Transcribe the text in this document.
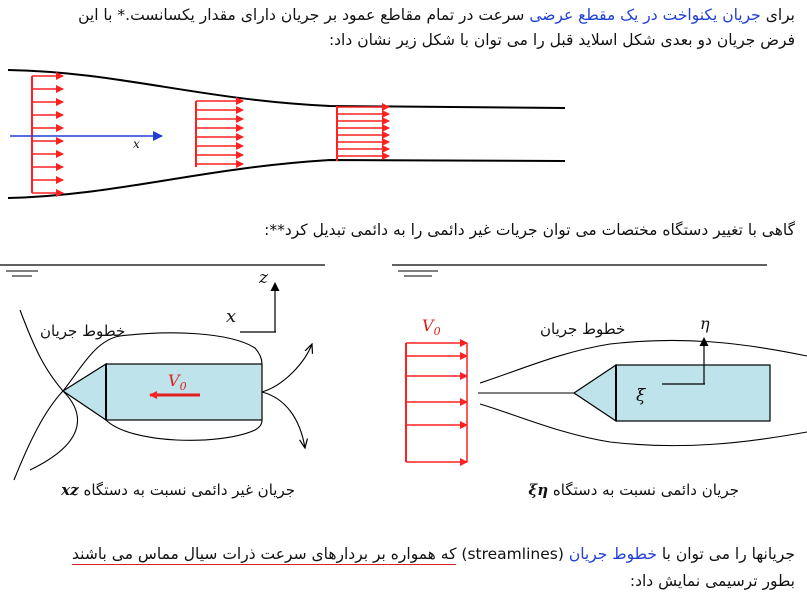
برای جریان یکنواخت در یک مقطع عرضی سرعت در تمام مقاطع عمود بر جریان دارای مقدار یکسانست.* با این
فرض جریان دو بعدی شکل اسلاید قبل را می توان با شکل زیر نشان داد:
x
گاهی با تغییر دستگاه مختصات می توان جریات غیر دائمی را به دائمی تبدیل کرد**:
خطوط جریان
x
z
$V_0$
جریان غیر دائمی نسبت به دستگاه xz
$V_0$	خطوط جریان	η
ξ
جریان دائمی نسبت به دستگاه ξη
جریانها را می توان با خطوط جریان (streamlines) که همواره بر بردارهای سرعت ذرات سیال مماس می باشند
بطور ترسیمی نمایش داد:
